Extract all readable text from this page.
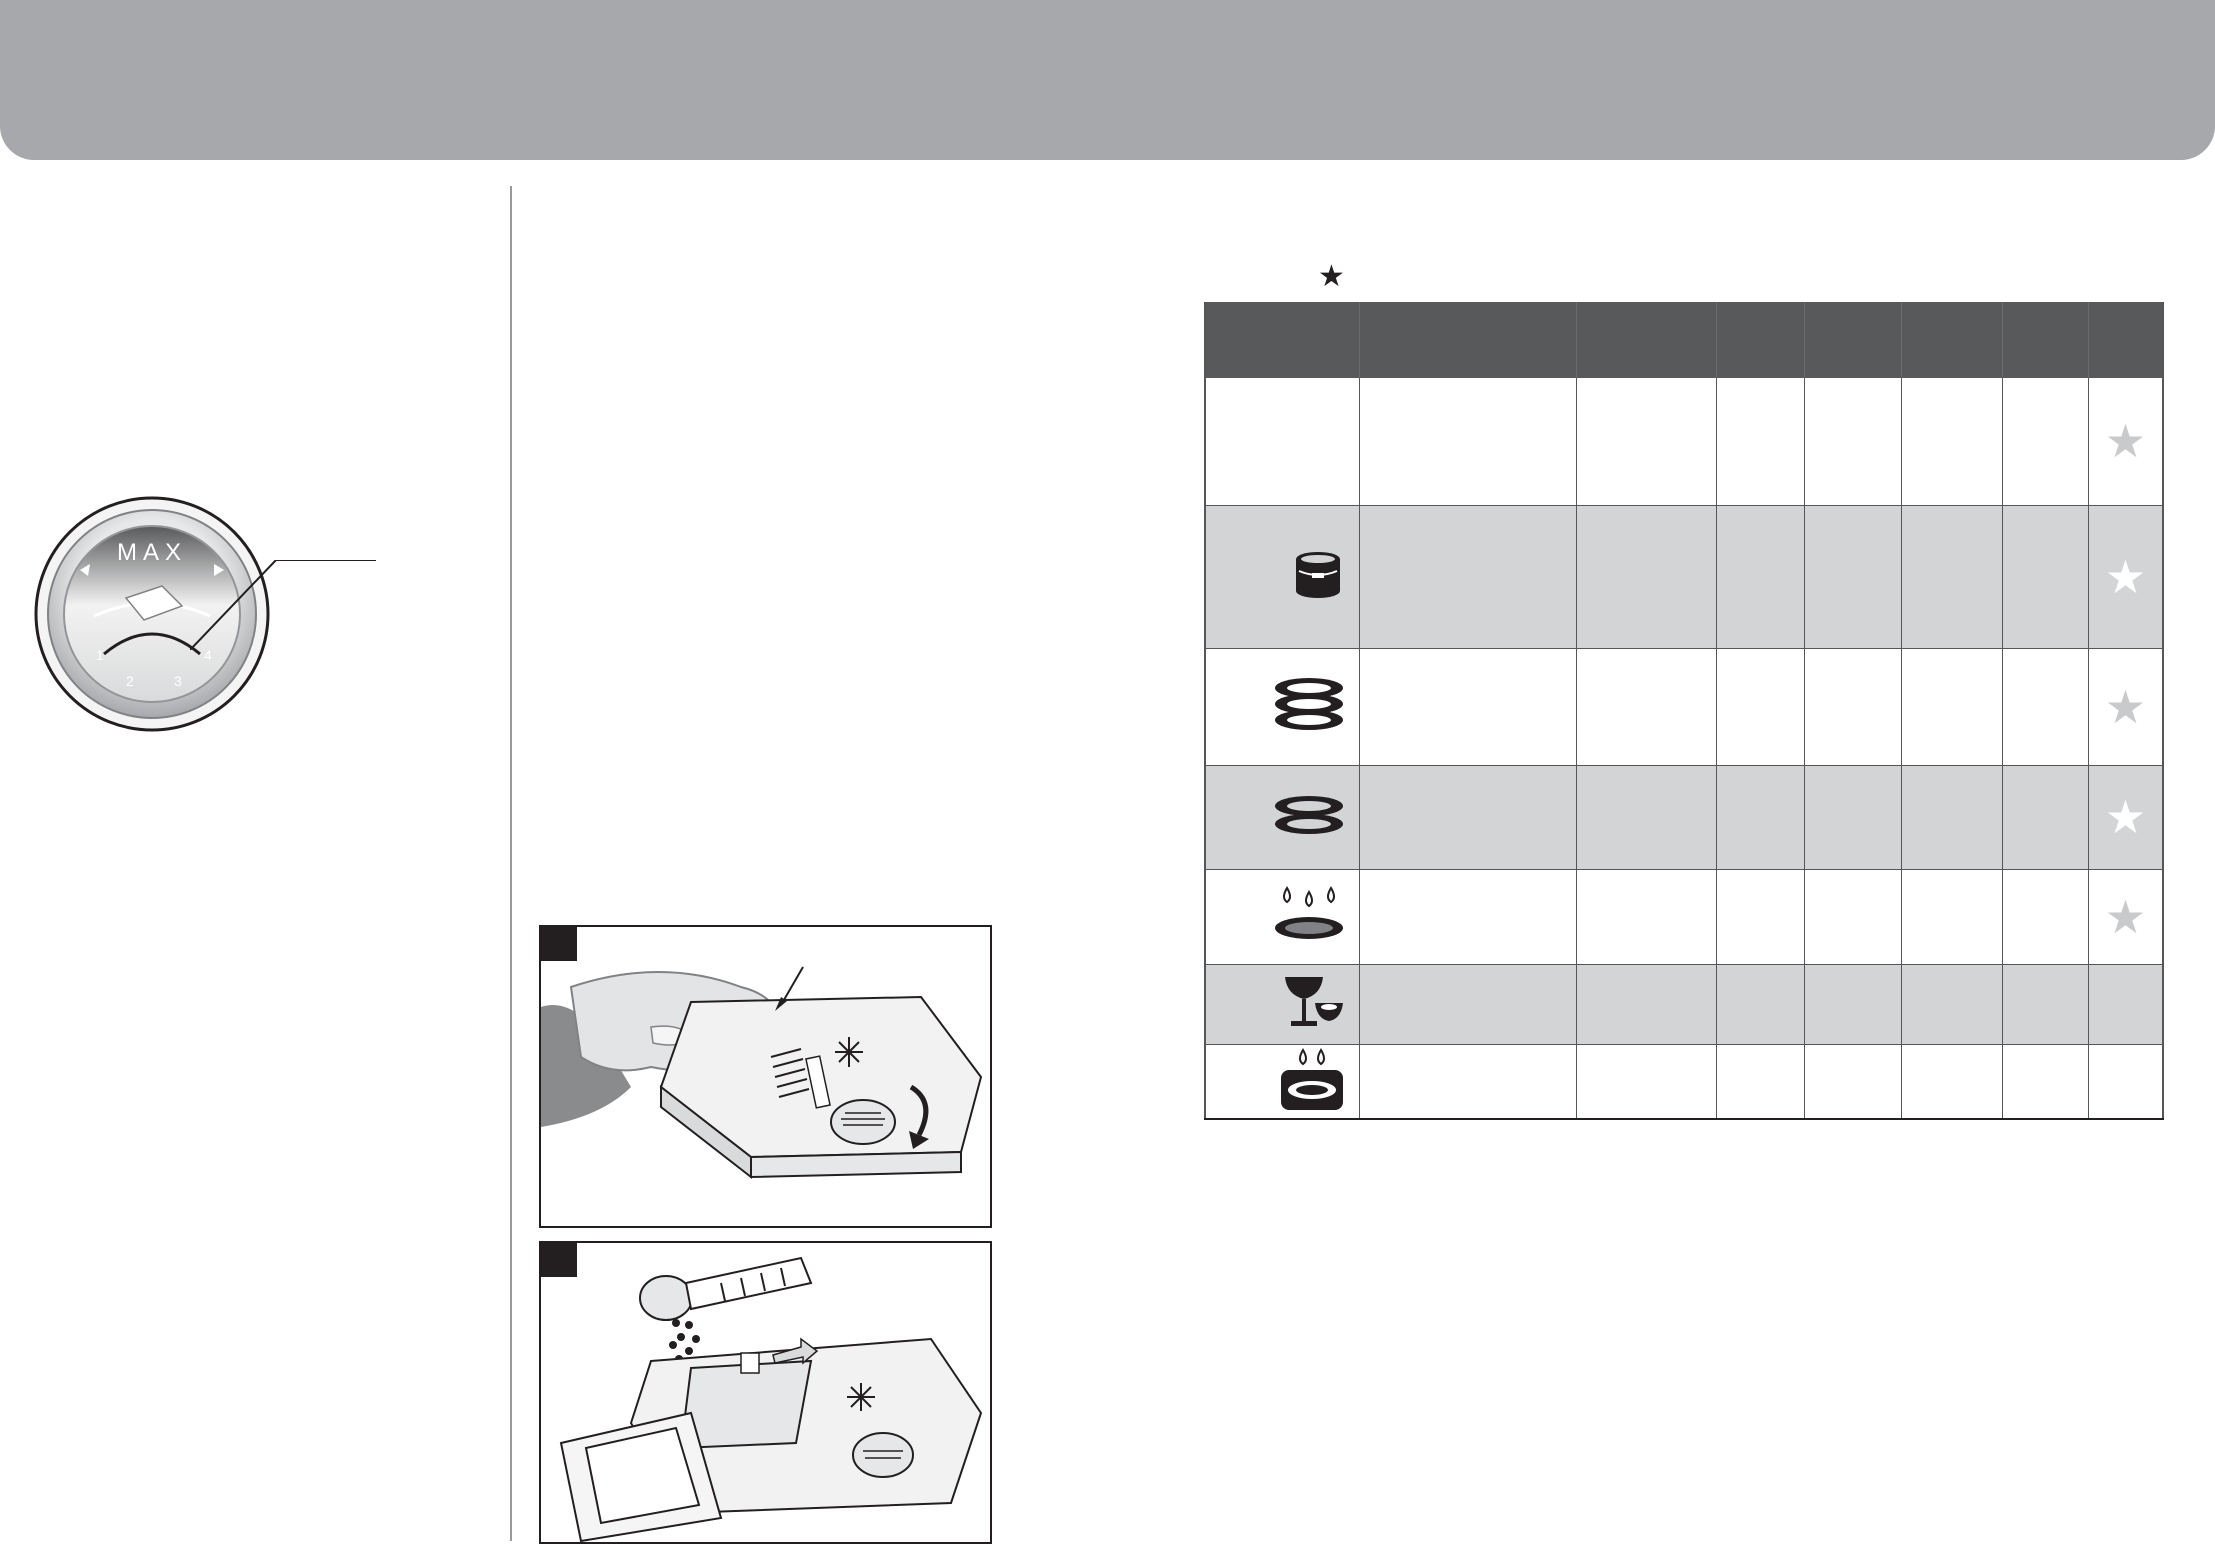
MAX
1
2	3
4
★

							★
							★
							★
							★
							★
